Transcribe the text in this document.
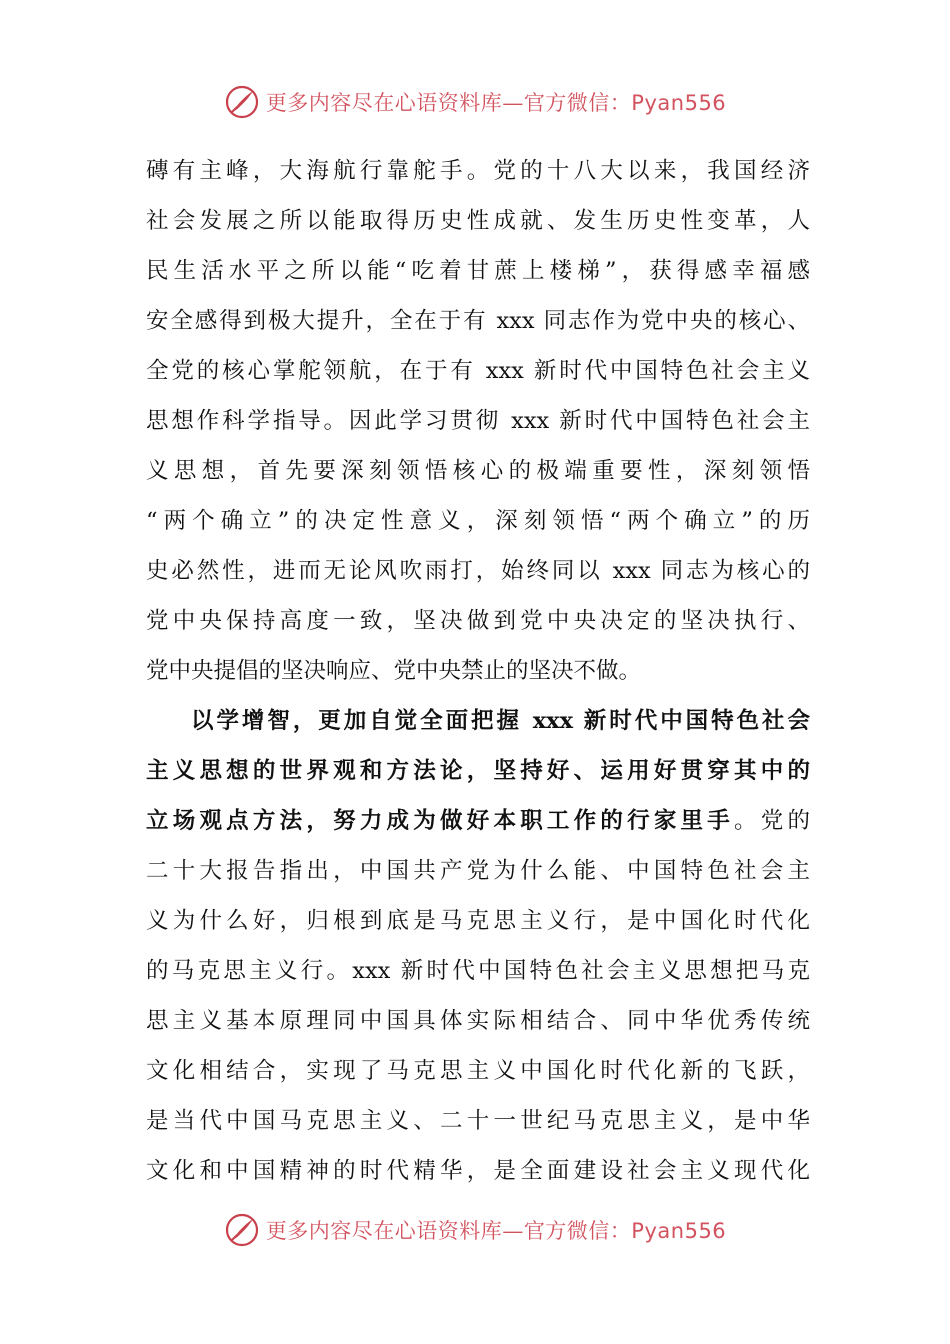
更多内容尽在心语资料库—官方微信：Pyan556
磚有主峰，大海航行靠舵手。党的十八大以来，我国经济
社会发展之所以能取得历史性成就、发生历史性变革，人
民生活水平之所以能“吃着甘蔗上楼梯”，获得感幸福感
安全感得到极大提升，全在于有 xxx 同志作为党中央的核心、
全党的核心掌舵领航，在于有 xxx 新时代中国特色社会主义
思想作科学指导。因此学习贯彻 xxx 新时代中国特色社会主
义思想，首先要深刻领悟核心的极端重要性，深刻领悟
“两个确立”的决定性意义，深刻领悟“两个确立”的历
史必然性，进而无论风吹雨打，始终同以 xxx 同志为核心的
党中央保持高度一致，坚决做到党中央决定的坚决执行、
党中央提倡的坚决响应、党中央禁止的坚决不做。
以学增智，更加自觉全面把握 xxx 新时代中国特色社会
主义思想的世界观和方法论，坚持好、运用好贯穿其中的
立场观点方法，努力成为做好本职工作的行家里手。党的
二十大报告指出，中国共产党为什么能、中国特色社会主
义为什么好，归根到底是马克思主义行，是中国化时代化
的马克思主义行。xxx 新时代中国特色社会主义思想把马克
思主义基本原理同中国具体实际相结合、同中华优秀传统
文化相结合，实现了马克思主义中国化时代化新的飞跃，
是当代中国马克思主义、二十一世纪马克思主义，是中华
文化和中国精神的时代精华，是全面建设社会主义现代化
更多内容尽在心语资料库—官方微信：Pyan556
